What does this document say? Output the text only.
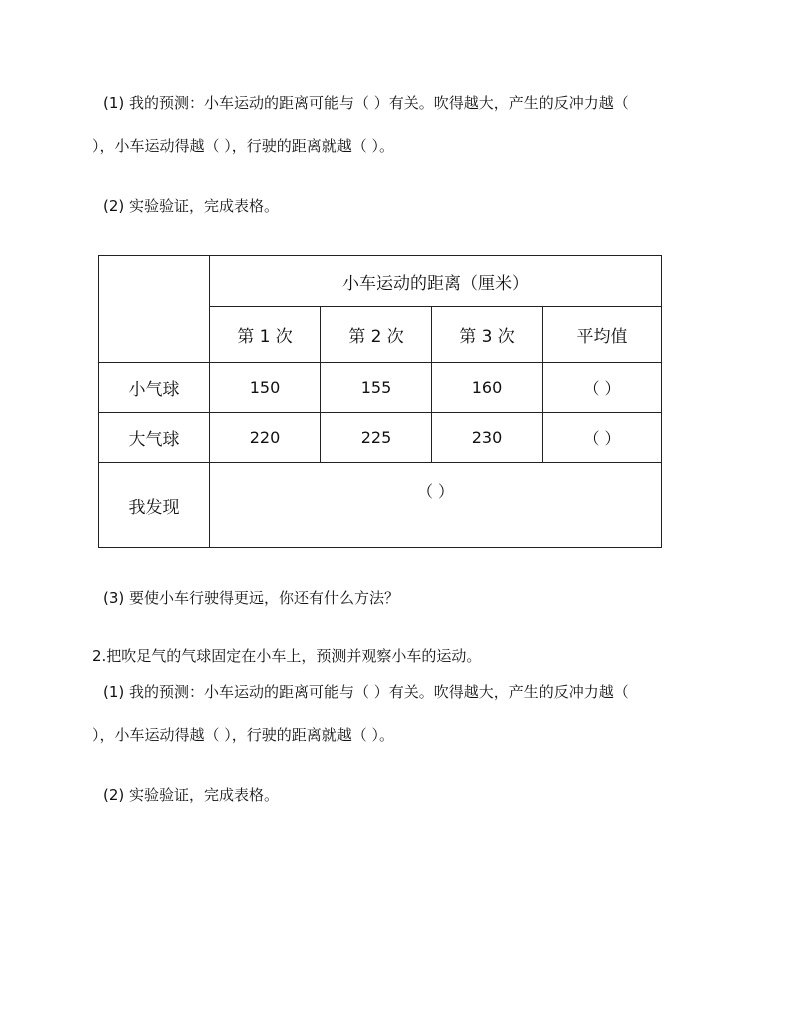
(1) 我的预测：小车运动的距离可能与（ ）有关。吹得越大，产生的反冲力越（
），小车运动得越（ ），行驶的距离就越（ ）。
(2) 实验验证，完成表格。
	小车运动的距离（厘米）			
	第 1 次	第 2 次	第 3 次	平均值
小气球	150	155	160	（ ）
大气球	220	225	230	（ ）
我发现	（ ）			
(3) 要使小车行驶得更远，你还有什么方法？
2.把吹足气的气球固定在小车上，预测并观察小车的运动。
(1) 我的预测：小车运动的距离可能与（ ）有关。吹得越大，产生的反冲力越（
），小车运动得越（ ），行驶的距离就越（ ）。
(2) 实验验证，完成表格。
